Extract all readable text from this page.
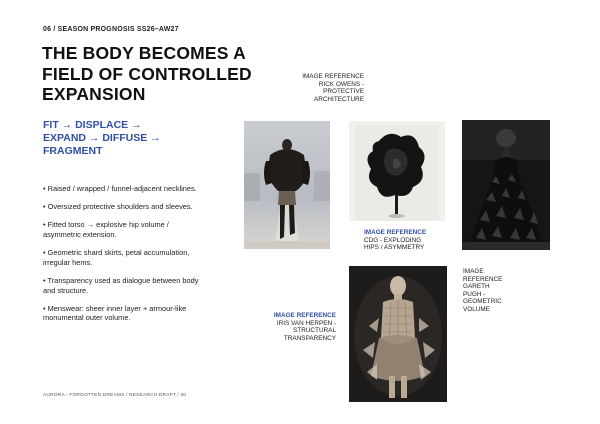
06 / SEASON PROGNOSIS SS26–AW27
THE BODY BECOMES A
FIELD OF CONTROLLED
EXPANSION
FIT → DISPLACE →
EXPAND → DIFFUSE →
FRAGMENT
• Raised / wrapped / funnel-adjacent necklines.
• Oversized protective shoulders and sleeves.
• Fitted torso → explosive hip volume / asymmetric extension.
• Geometric shard skirts, petal accumulation, irregular hems.
• Transparency used as dialogue between body and structure.
• Menswear: sheer inner layer + armour-like monumental outer volume.
AURORA - FORGOTTEN DREAMS / RESEARCH DRAFT / 30
IMAGE REFERENCE
RICK OWENS -
PROTECTIVE
ARCHITECTURE
IMAGE REFERENCE
CDG - EXPLODING
HIPS / ASYMMETRY
IMAGE
REFERENCE
GARETH
PUGH -
GEOMETRIC
VOLUME
IMAGE REFERENCE
IRIS VAN HERPEN -
STRUCTURAL
TRANSPARENCY
